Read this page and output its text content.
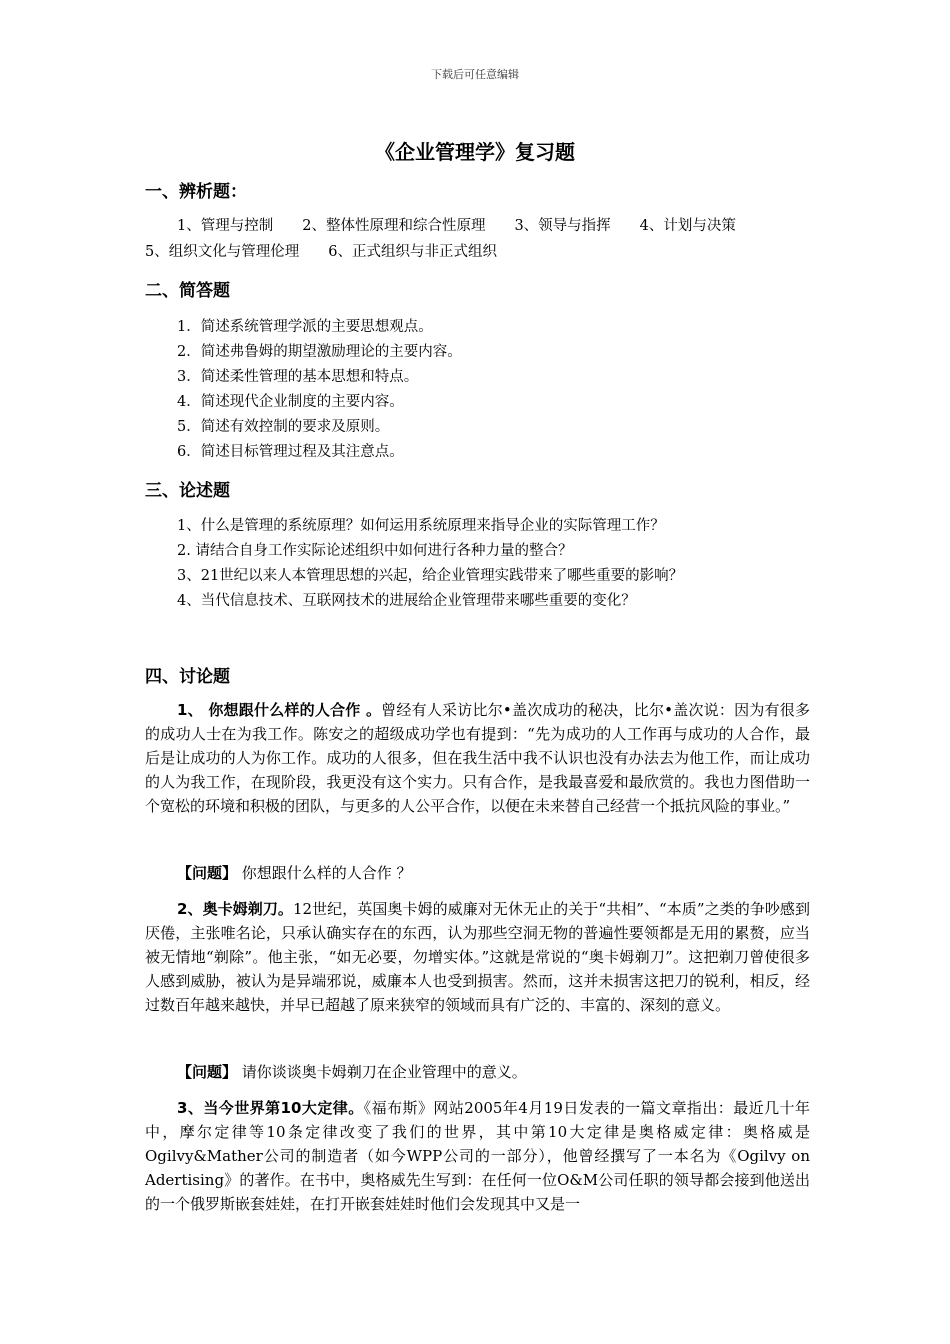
下载后可任意编辑
《企业管理学》复习题
一、辨析题：
1、管理与控制　　2、整体性原理和综合性原理　　3、领导与指挥　　4、计划与决策
5、组织文化与管理伦理　　6、正式组织与非正式组织
二、简答题
1．简述系统管理学派的主要思想观点。
2．简述弗鲁姆的期望激励理论的主要内容。
3．简述柔性管理的基本思想和特点。
4．简述现代企业制度的主要内容。
5．简述有效控制的要求及原则。
6．简述目标管理过程及其注意点。
三、论述题
1、什么是管理的系统原理？如何运用系统原理来指导企业的实际管理工作？
2. 请结合自身工作实际论述组织中如何进行各种力量的整合？
3、21世纪以来人本管理思想的兴起，给企业管理实践带来了哪些重要的影响？
4、当代信息技术、互联网技术的进展给企业管理带来哪些重要的变化？
四、讨论题

1、 你想跟什么样的人合作 。曾经有人采访比尔•盖次成功的秘决，比尔•盖次说：因为有很多的成功人士在为我工作。陈安之的超级成功学也有提到：“先为成功的人工作再与成功的人合作，最后是让成功的人为你工作。成功的人很多，但在我生活中我不认识也没有办法去为他工作，而让成功的人为我工作，在现阶段，我更没有这个实力。只有合作，是我最喜爱和最欣赏的。我也力图借助一个宽松的环境和积极的团队，与更多的人公平合作，以便在未来替自己经营一个抵抗风险的事业。”

【问题】 你想跟什么样的人合作 ？

2、奥卡姆剃刀。12世纪，英国奥卡姆的威廉对无休无止的关于“共相”、“本质”之类的争吵感到厌倦，主张唯名论，只承认确实存在的东西，认为那些空洞无物的普遍性要领都是无用的累赘，应当被无情地“剃除”。他主张，“如无必要，勿增实体。”这就是常说的“奥卡姆剃刀”。这把剃刀曾使很多人感到威胁，被认为是异端邪说，威廉本人也受到损害。然而，这并未损害这把刀的锐利，相反，经过数百年越来越快，并早已超越了原来狭窄的领域而具有广泛的、丰富的、深刻的意义。

【问题】 请你谈谈奥卡姆剃刀在企业管理中的意义。

3、当今世界第10大定律。《福布斯》网站2005年4月19日发表的一篇文章指出：最近几十年中，摩尔定律等10条定律改变了我们的世界，其中第10大定律是奥格威定律：奥格威是Ogilvy&Mather公司的制造者（如今WPP公司的一部分），他曾经撰写了一本名为《Ogilvy on Adertising》的著作。在书中，奥格威先生写到：在任何一位O&M公司任职的领导都会接到他送出的一个俄罗斯嵌套娃娃，在打开嵌套娃娃时他们会发现其中又是一
